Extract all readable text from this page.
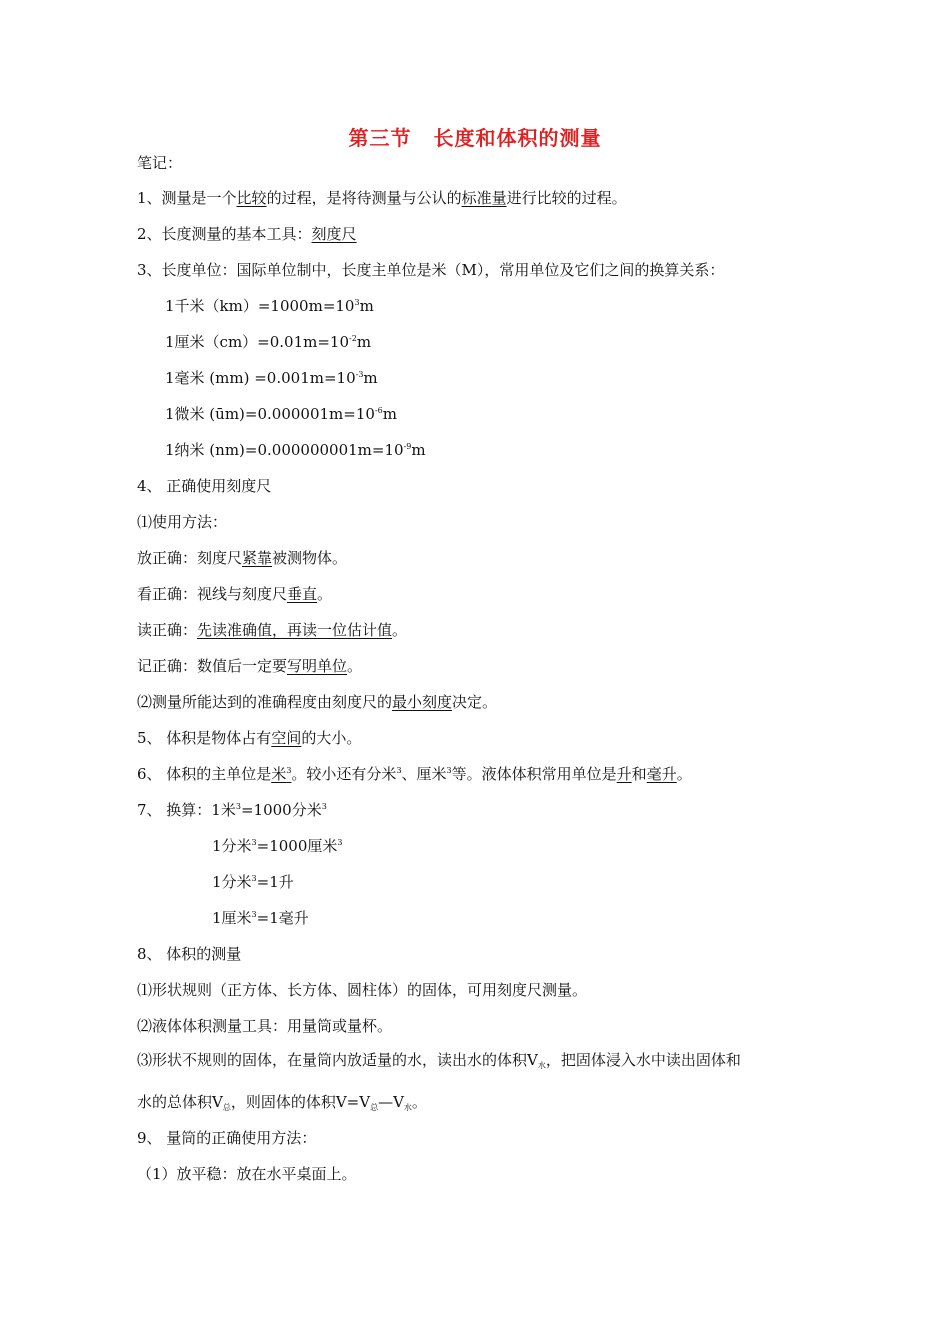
第三节 长度和体积的测量
笔记：
1、测量是一个比较的过程，是将待测量与公认的标准量进行比较的过程。
2、长度测量的基本工具：刻度尺
3、长度单位：国际单位制中，长度主单位是米（M），常用单位及它们之间的换算关系：
1千米$(km)=1000m=10^3m$
1厘米$(cm)=0.01m=10^{-2}m$
1毫米 $(mm) =0.001m=10^{-3}m$
1微米 $(ūm)=0.000001m=10^{-6}m$
1纳米 $(nm)=0.000000001m=10^{-9}m$
4、 正确使用刻度尺
⑴使用方法：
放正确：刻度尺紧靠被测物体。
看正确：视线与刻度尺垂直。
读正确：先读准确值，再读一位估计值。
记正确：数值后一定要写明单位。
⑵测量所能达到的准确程度由刻度尺的最小刻度决定。
5、 体积是物体占有空间的大小。
6、 体积的主单位是米$^3$。较小还有分米$^3$、厘米$^3$等。液体体积常用单位是升和毫升。
7、 换算：1米$^3$=1000分米$^3$
1分米$^3$=1000厘米$^3$
1分米$^3$=1升
1厘米$^3$=1毫升
8、 体积的测量
⑴形状规则（正方体、长方体、圆柱体）的固体，可用刻度尺测量。
⑵液体体积测量工具：用量筒或量杯。
⑶形状不规则的固体，在量筒内放适量的水，读出水的体积$V_水$，把固体浸入水中读出固体和
水的总体积$V_总$，则固体的体积$V=V_总—V_水$。
9、 量筒的正确使用方法：
（1）放平稳：放在水平桌面上。
